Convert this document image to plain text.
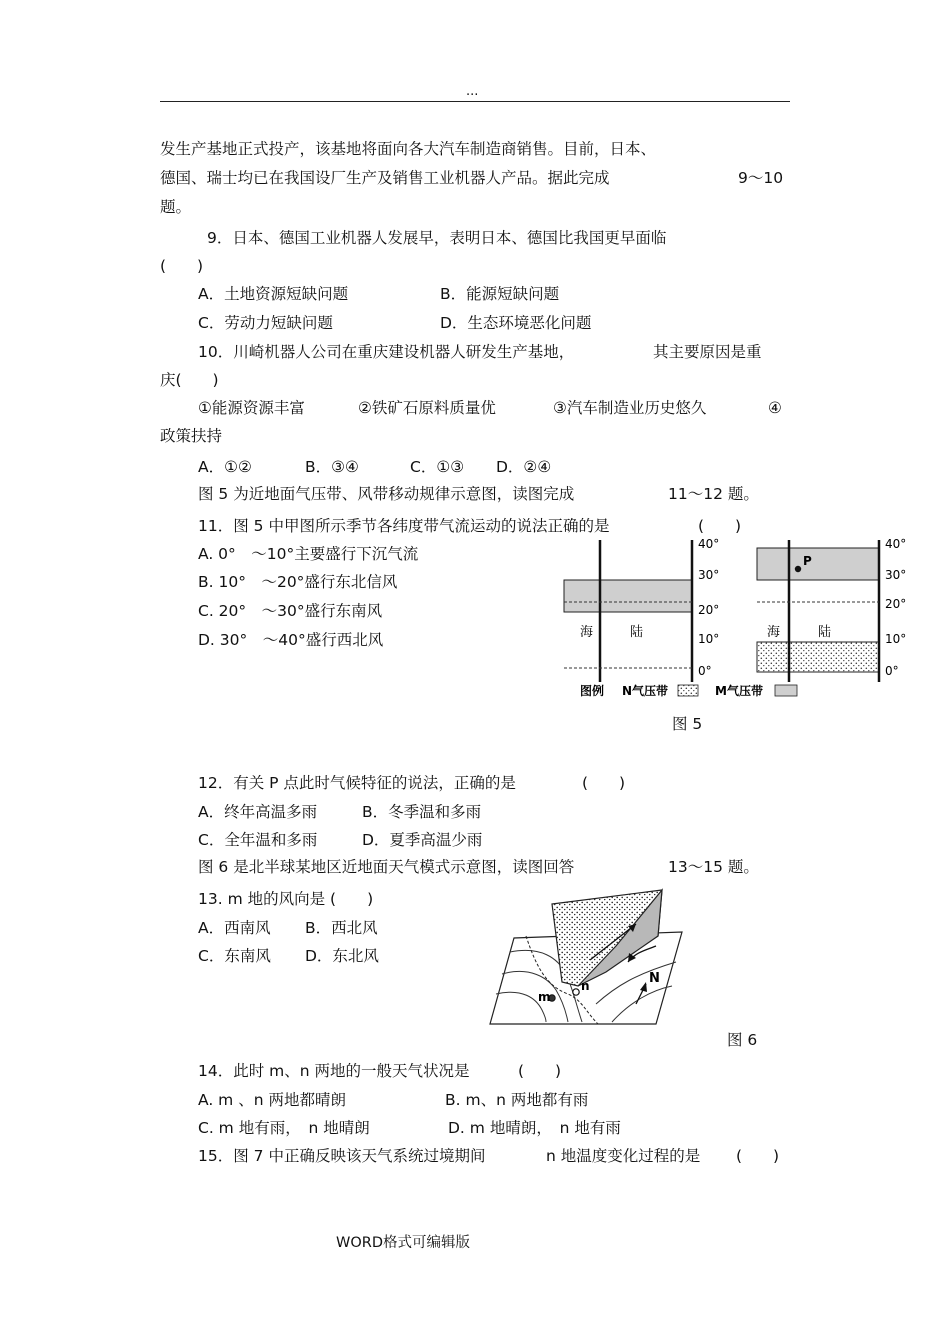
...
发生产基地正式投产，该基地将面向各大汽车制造商销售。目前，日本、
德国、瑞士均已在我国设厂生产及销售工业机器人产品。据此完成	9～10
题。
9．日本、德国工业机器人发展早，表明日本、德国比我国更早面临
(　　)
A．土地资源短缺问题	B．能源短缺问题
C．劳动力短缺问题	D．生态环境恶化问题
10．川崎机器人公司在重庆建设机器人研发生产基地，	其主要原因是重
庆(　　)
①能源资源丰富	②铁矿石原料质量优	③汽车制造业历史悠久	④
政策扶持
A．①②	B．③④	C．①③ D．②④
图 5 为近地面气压带、风带移动规律示意图，读图完成	11～12 题。
11．图 5 中甲图所示季节各纬度带气流运动的说法正确的是	(　　)
A. 0°　～10°主要盛行下沉气流
B. 10°　～20°盛行东北信风
C. 20°　～30°盛行东南风
D. 30°　～40°盛行西北风	海	陆
40°
30°
20°
10°
0°
P
海	陆
40°
30°
20°
10°
0°
图例 N气压带	M气压带
图 5
12．有关 P 点此时气候特征的说法，正确的是	(　　)
A．终年高温多雨	B．冬季温和多雨
C．全年温和多雨	D．夏季高温少雨
图 6 是北半球某地区近地面天气模式示意图，读图回答	13～15 题。
13. m 地的风向是 (　　)
A．西南风 B．西北风
C．东南风 D．东北风
m
n	N
图 6
14．此时 m、n 两地的一般天气状况是	(　　)
A. m 、n 两地都晴朗	B. m、n 两地都有雨
C. m 地有雨，　n 地晴朗	D. m 地晴朗，　n 地有雨
15．图 7 中正确反映该天气系统过境期间	n 地温度变化过程的是 (　　)
WORD格式可编辑版
